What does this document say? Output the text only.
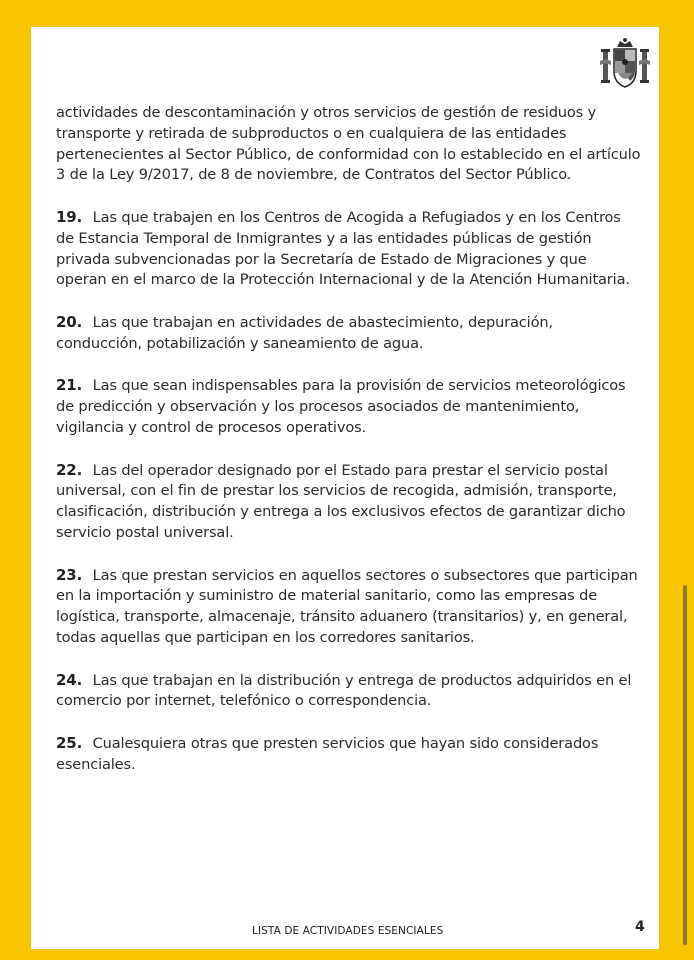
actividades de descontaminación y otros servicios de gestión de residuos y transporte y retirada de subproductos o en cualquiera de las entidades pertenecientes al Sector Público, de conformidad con lo establecido en el artículo 3 de la Ley 9/2017, de 8 de noviembre, de Contratos del Sector Público.

19. Las que trabajen en los Centros de Acogida a Refugiados y en los Centros de Estancia Temporal de Inmigrantes y a las entidades públicas de gestión privada subvencionadas por la Secretaría de Estado de Migraciones y que operan en el marco de la Protección Internacional y de la Atención Humanitaria.

20. Las que trabajan en actividades de abastecimiento, depuración, conducción, potabilización y saneamiento de agua.

21. Las que sean indispensables para la provisión de servicios meteorológicos de predicción y observación y los procesos asociados de mantenimiento, vigilancia y control de procesos operativos.

22. Las del operador designado por el Estado para prestar el servicio postal universal, con el fin de prestar los servicios de recogida, admisión, transporte, clasificación, distribución y entrega a los exclusivos efectos de garantizar dicho servicio postal universal.

23. Las que prestan servicios en aquellos sectores o subsectores que participan en la importación y suministro de material sanitario, como las empresas de logística, transporte, almacenaje, tránsito aduanero (transitarios) y, en general, todas aquellas que participan en los corredores sanitarios.

24. Las que trabajan en la distribución y entrega de productos adquiridos en el comercio por internet, telefónico o correspondencia.

25. Cualesquiera otras que presten servicios que hayan sido considerados esenciales.

LISTA DE ACTIVIDADES ESENCIALES	4
